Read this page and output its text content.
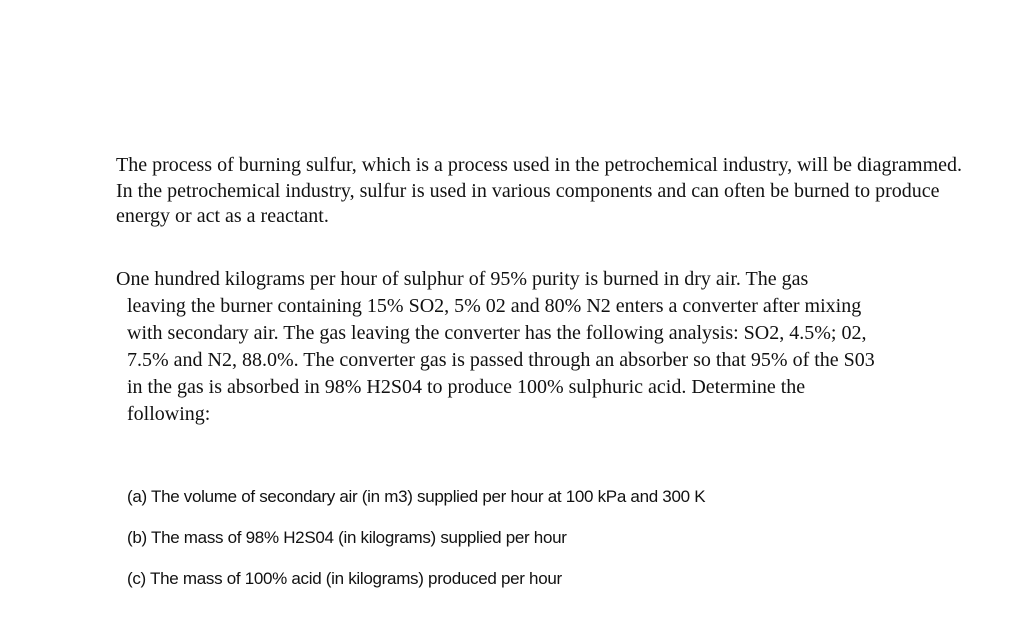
The process of burning sulfur, which is a process used in the petrochemical industry, will be diagrammed. In the petrochemical industry, sulfur is used in various components and can often be burned to produce energy or act as a reactant.

One hundred kilograms per hour of sulphur of 95% purity is burned in dry air. The gas
leaving the burner containing 15% SO2, 5% 02 and 80% N2 enters a converter after mixing
with secondary air. The gas leaving the converter has the following analysis: SO2, 4.5%; 02,
7.5% and N2, 88.0%. The converter gas is passed through an absorber so that 95% of the S03
in the gas is absorbed in 98% H2S04 to produce 100% sulphuric acid. Determine the
following:

(a) The volume of secondary air (in m3) supplied per hour at 100 kPa and 300 K
(b) The mass of 98% H2S04 (in kilograms) supplied per hour
(c) The mass of 100% acid (in kilograms) produced per hour
